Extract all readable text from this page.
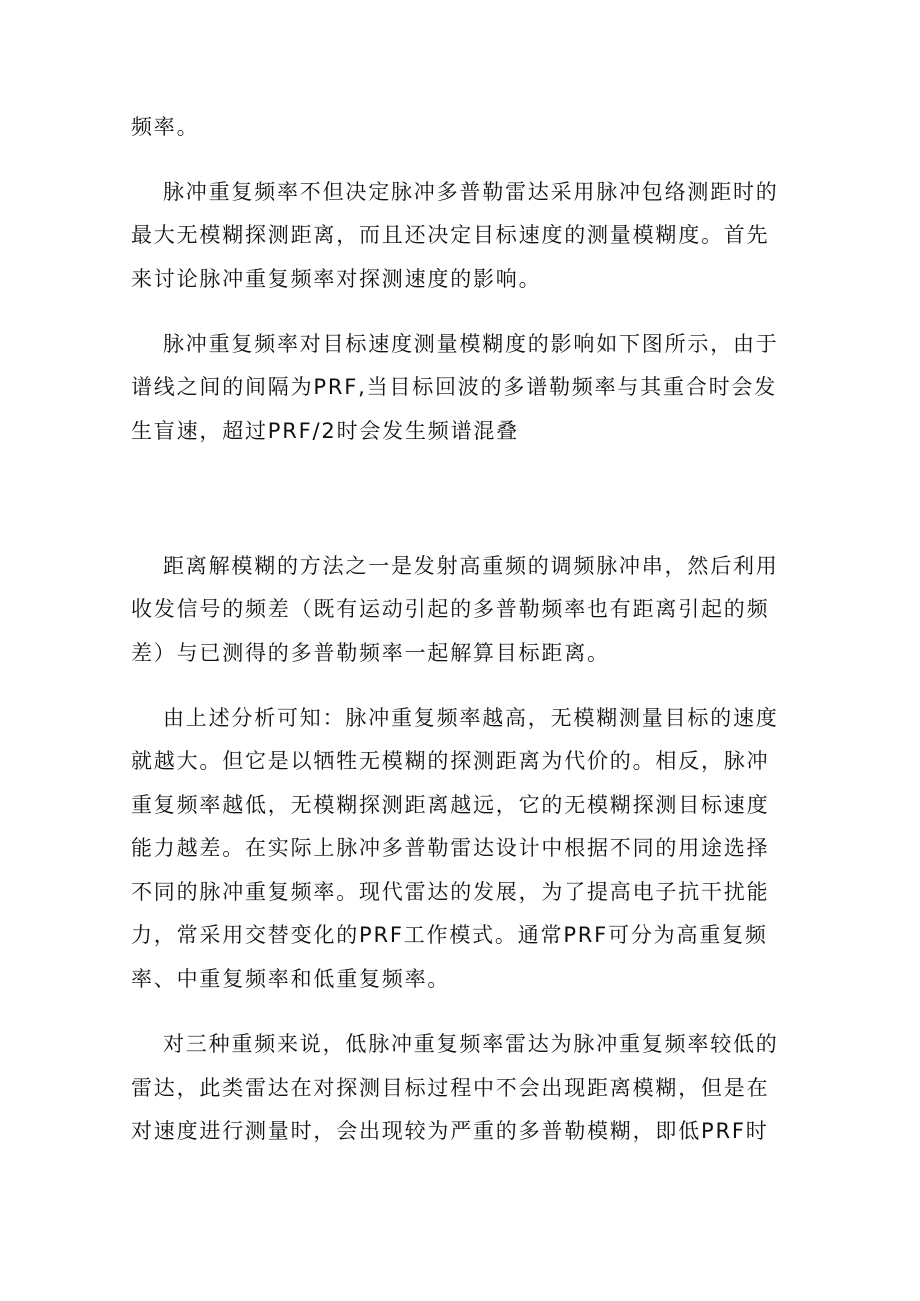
频率。
脉冲重复频率不但决定脉冲多普勒雷达采用脉冲包络测距时的
最大无模糊探测距离，而且还决定目标速度的测量模糊度。首先
来讨论脉冲重复频率对探测速度的影响。
脉冲重复频率对目标速度测量模糊度的影响如下图所示，由于
谱线之间的间隔为PRF,当目标回波的多谱勒频率与其重合时会发
生盲速，超过PRF/2时会发生频谱混叠
距离解模糊的方法之一是发射高重频的调频脉冲串，然后利用
收发信号的频差（既有运动引起的多普勒频率也有距离引起的频
差）与已测得的多普勒频率一起解算目标距离。
由上述分析可知：脉冲重复频率越高，无模糊测量目标的速度
就越大。但它是以牺牲无模糊的探测距离为代价的。相反，脉冲
重复频率越低，无模糊探测距离越远，它的无模糊探测目标速度
能力越差。在实际上脉冲多普勒雷达设计中根据不同的用途选择
不同的脉冲重复频率。现代雷达的发展，为了提高电子抗干扰能
力，常采用交替变化的PRF工作模式。通常PRF可分为高重复频
率、中重复频率和低重复频率。
对三种重频来说，低脉冲重复频率雷达为脉冲重复频率较低的
雷达，此类雷达在对探测目标过程中不会出现距离模糊，但是在
对速度进行测量时，会出现较为严重的多普勒模糊，即低PRF时
